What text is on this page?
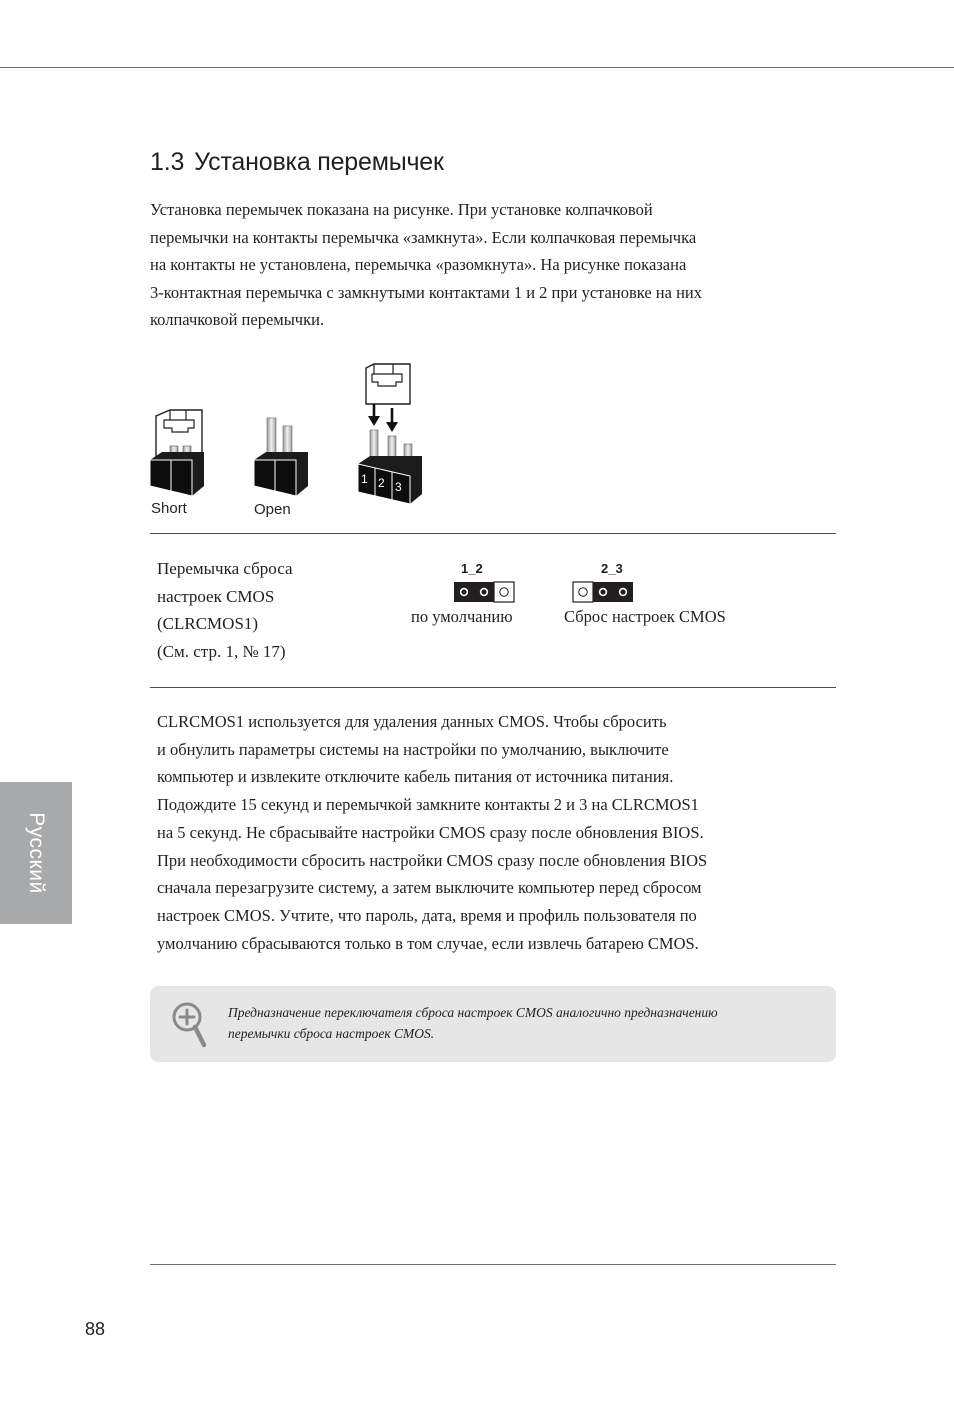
1.3 Установка перемычек

Установка перемычек показана на рисунке. При установке колпачковой
перемычки на контакты перемычка «замкнута». Если колпачковая перемычка
на контакты не установлена, перемычка «разомкнута». На рисунке показана
3-контактная перемычка с замкнутыми контактами 1 и 2 при установке на них
колпачковой перемычки.

1 2 3
Short	Open

Перемычка сброса
настроек CMOS
(CLRCMOS1)
(См. стр. 1, № 17)

1_2
по умолчанию
2_3
Сброс настроек CMOS

CLRCMOS1 используется для удаления данных CMOS. Чтобы сбросить
и обнулить параметры системы на настройки по умолчанию, выключите
компьютер и извлеките отключите кабель питания от источника питания.
Подождите 15 секунд и перемычкой замкните контакты 2 и 3 на CLRCMOS1
на 5 секунд. Не сбрасывайте настройки CMOS сразу после обновления BIOS.
При необходимости сбросить настройки CMOS сразу после обновления BIOS
сначала перезагрузите систему, а затем выключите компьютер перед сбросом
настроек CMOS. Учтите, что пароль, дата, время и профиль пользователя по
умолчанию сбрасываются только в том случае, если извлечь батарею CMOS.

Предназначение переключателя сброса настроек CMOS аналогично предназначению
перемычки сброса настроек CMOS.

88
Русский
